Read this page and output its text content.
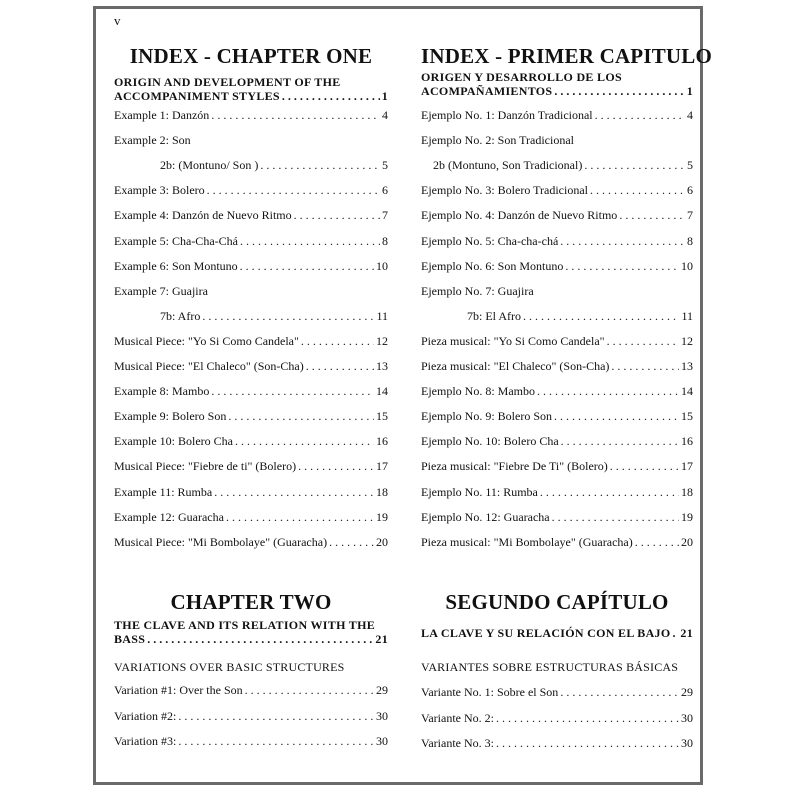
v
INDEX - CHAPTER ONE
ORIGIN AND DEVELOPMENT OF THE
ACCOMPANIMENT STYLES . . .	1
Example 1: Danzón . . .	4
Example 2: Son
2b: (Montuno/ Son ) . . .	5
Example 3: Bolero . . .	6
Example 4: Danzón de Nuevo Ritmo . . .	7
Example 5: Cha-Cha-Chá . . .	8
Example 6: Son Montuno . . .	10
Example 7: Guajira
7b: Afro . . .	11
Musical Piece: "Yo Si Como Candela" . . .	12
Musical Piece: "El Chaleco" (Son-Cha) . . .	13
Example 8: Mambo . . .	14
Example 9: Bolero Son . . .	15
Example 10: Bolero Cha . . .	16
Musical Piece: "Fiebre de ti" (Bolero) . . .	17
Example 11: Rumba . . .	18
Example 12: Guaracha . . .	19
Musical Piece: "Mi Bombolaye" (Guaracha) . . .	20
CHAPTER TWO
THE CLAVE AND ITS RELATION WITH THE
BASS . . .	21
VARIATIONS OVER BASIC STRUCTURES
Variation #1: Over the Son . . .	29
Variation #2: . . .	30
Variation #3: . . .	30
INDEX - PRIMER CAPITULO
ORIGEN Y DESARROLLO DE LOS
ACOMPAÑAMIENTOS . . .	1
Ejemplo No. 1: Danzón Tradicional . . .	4
Ejemplo No. 2: Son Tradicional
2b (Montuno, Son Tradicional) . . .	5
Ejemplo No. 3: Bolero Tradicional . . .	6
Ejemplo No. 4: Danzón de Nuevo Ritmo . . .	7
Ejemplo No. 5: Cha-cha-chá . . .	8
Ejemplo No. 6: Son Montuno . . .	10
Ejemplo No. 7: Guajira
7b: El Afro . . .	11
Pieza musical: "Yo Si Como Candela" . . .	12
Pieza musical: "El Chaleco" (Son-Cha) . . .	13
Ejemplo No. 8: Mambo . . .	14
Ejemplo No. 9: Bolero Son . . .	15
Ejemplo No. 10: Bolero Cha . . .	16
Pieza musical: "Fiebre De Ti" (Bolero) . . .	17
Ejemplo No. 11: Rumba . . .	18
Ejemplo No. 12: Guaracha . . .	19
Pieza musical: "Mi Bombolaye" (Guaracha) . . .	20
SEGUNDO CAPÍTULO
LA CLAVE Y SU RELACIÓN CON EL BAJO . . . 21
VARIANTES SOBRE ESTRUCTURAS BÁSICAS
Variante No. 1: Sobre el Son . . .	29
Variante No. 2: . . .	30
Variante No. 3: . . .	30
